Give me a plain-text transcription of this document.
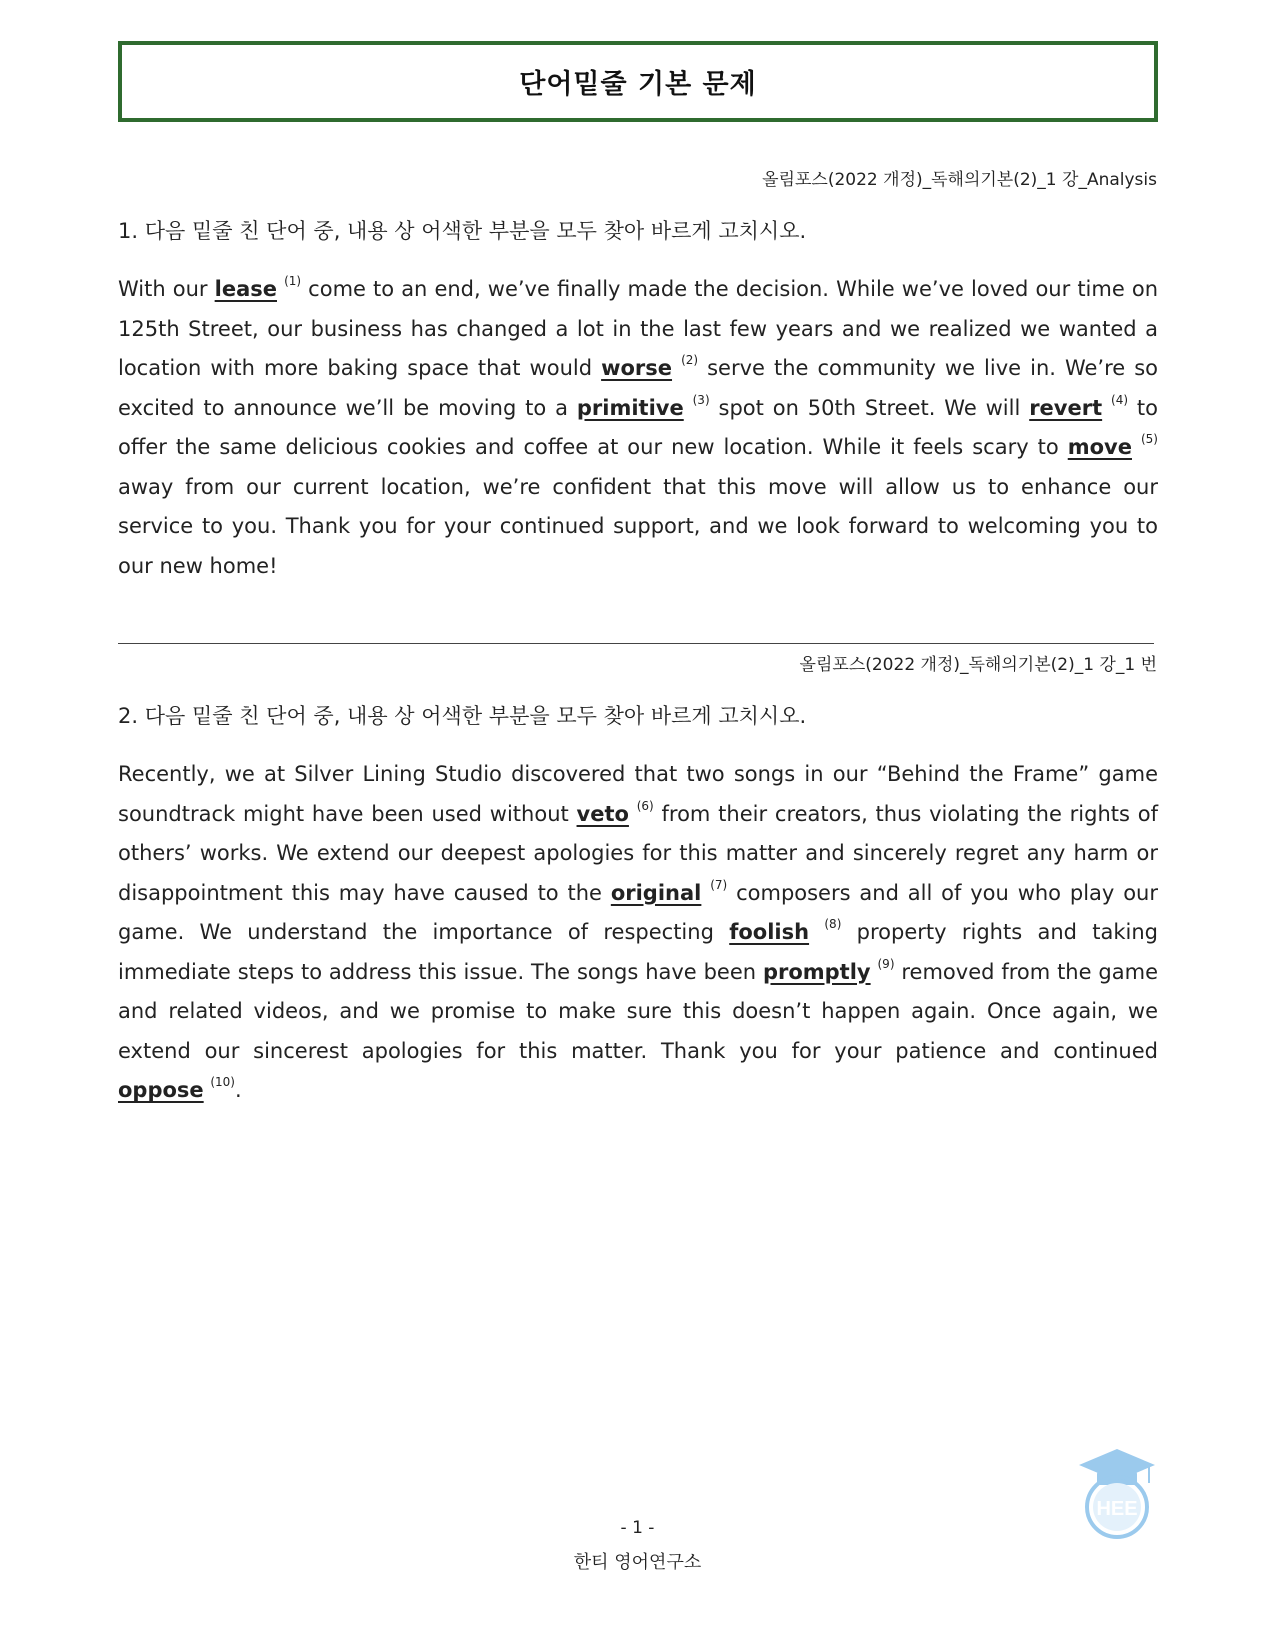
단어밑줄 기본 문제
올림포스(2022 개정)_독해의기본(2)_1 강_Analysis
1. 다음 밑줄 친 단어 중, 내용 상 어색한 부분을 모두 찾아 바르게 고치시오.

With our lease $^{(1)}$ come to an end, we’ve finally made the decision. While we’ve loved our time on 125th Street, our business has changed a lot in the last few years and we realized we wanted a location with more baking space that would worse $^{(2)}$ serve the community we live in. We’re so excited to announce we’ll be moving to a primitive $^{(3)}$ spot on 50th Street. We will revert $^{(4)}$ to offer the same delicious cookies and coffee at our new location. While it feels scary to move $^{(5)}$ away from our current location, we’re confident that this move will allow us to enhance our service to you. Thank you for your continued support, and we look forward to welcoming you to our new home!

올림포스(2022 개정)_독해의기본(2)_1 강_1 번
2. 다음 밑줄 친 단어 중, 내용 상 어색한 부분을 모두 찾아 바르게 고치시오.

Recently, we at Silver Lining Studio discovered that two songs in our “Behind the Frame” game soundtrack might have been used without veto $^{(6)}$ from their creators, thus violating the rights of others’ works. We extend our deepest apologies for this matter and sincerely regret any harm or disappointment this may have caused to the original $^{(7)}$ composers and all of you who play our game. We understand the importance of respecting foolish $^{(8)}$ property rights and taking immediate steps to address this issue. The songs have been promptly $^{(9)}$ removed from the game and related videos, and we promise to make sure this doesn’t happen again. Once again, we extend our sincerest apologies for this matter. Thank you for your patience and continued oppose $^{(10)}$.

- 1 -
한티 영어연구소
HEE
